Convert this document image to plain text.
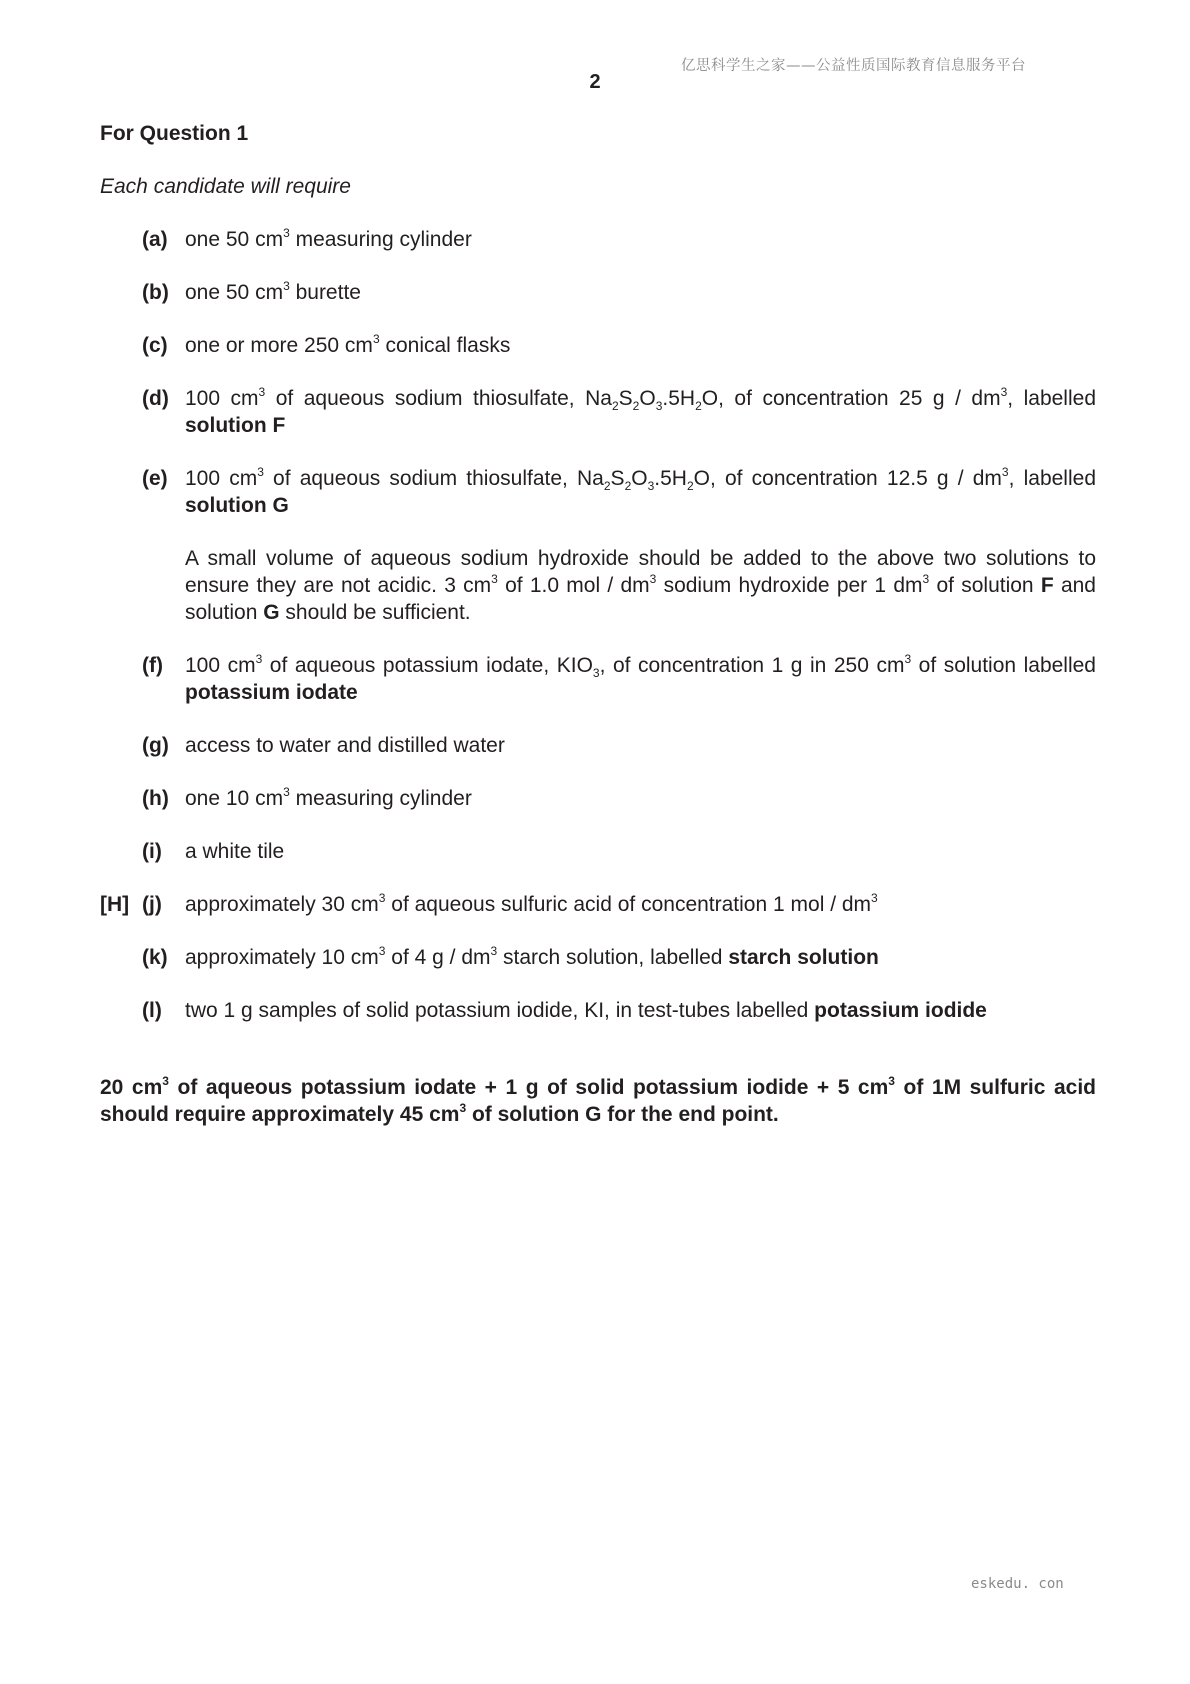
亿思科学生之家——公益性质国际教育信息服务平台
2
For Question 1
Each candidate will require
(a) one 50 $cm^3$ measuring cylinder
(b) one 50 $cm^3$ burette
(c) one or more 250 $cm^3$ conical flasks
(d) 100 $cm^3$ of aqueous sodium thiosulfate, $Na_2S_2O_3.5H_2O$, of concentration 25 g / $dm^3$, labelled solution F
(e) 100 $cm^3$ of aqueous sodium thiosulfate, $Na_2S_2O_3.5H_2O$, of concentration 12.5 g / $dm^3$, labelled solution G
A small volume of aqueous sodium hydroxide should be added to the above two solutions to ensure they are not acidic. 3 $cm^3$ of 1.0 mol / $dm^3$ sodium hydroxide per 1 $dm^3$ of solution F and solution G should be sufficient.
(f) 100 $cm^3$ of aqueous potassium iodate, $KIO_3$, of concentration 1 g in 250 $cm^3$ of solution labelled potassium iodate
(g) access to water and distilled water
(h) one 10 $cm^3$ measuring cylinder
(i) a white tile
[H] (j) approximately 30 $cm^3$ of aqueous sulfuric acid of concentration 1 mol / $dm^3$
(k) approximately 10 $cm^3$ of 4 g / $dm^3$ starch solution, labelled starch solution
(l) two 1 g samples of solid potassium iodide, KI, in test-tubes labelled potassium iodide
20 $cm^3$ of aqueous potassium iodate + 1 g of solid potassium iodide + 5 $cm^3$ of 1M sulfuric acid should require approximately 45 $cm^3$ of solution G for the end point.
eskedu. con
